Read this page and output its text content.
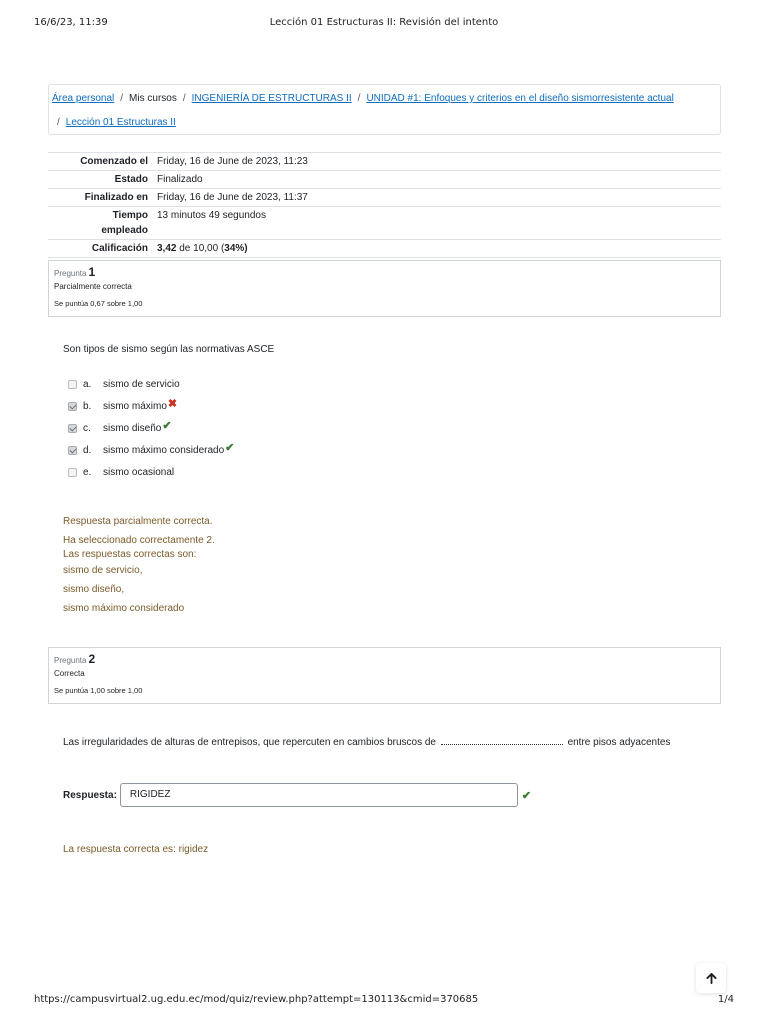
16/6/23, 11:39	Lección 01 Estructuras II: Revisión del intento
Área personal / Mis cursos / INGENIERÍA DE ESTRUCTURAS II / UNIDAD #1: Enfoques y criterios en el diseño sismorresistente actual
/ Lección 01 Estructuras II
Comenzado el Friday, 16 de June de 2023, 11:23
Estado Finalizado
Finalizado en Friday, 16 de June de 2023, 11:37
Tiempo
empleado
13 minutos 49 segundos
Calificación 3,42 de 10,00 (34%)
Pregunta 1
Parcialmente correcta
Se puntúa 0,67 sobre 1,00
Son tipos de sismo según las normativas ASCE
a.	sismo de servicio
b.	sismo máximo ✖
c.	sismo diseño ✔
d.	sismo máximo considerado ✔
e.	sismo ocasional
Respuesta parcialmente correcta.
Ha seleccionado correctamente 2.
Las respuestas correctas son:
sismo de servicio,
sismo diseño,
sismo máximo considerado
Pregunta 2
Correcta
Se puntúa 1,00 sobre 1,00
Las irregularidades de alturas de entrepisos, que repercuten en cambios bruscos de	entre pisos adyacentes
Respuesta:	RIGIDEZ	✔
La respuesta correcta es: rigidez
https://campusvirtual2.ug.edu.ec/mod/quiz/review.php?attempt=130113&cmid=370685	1/4
